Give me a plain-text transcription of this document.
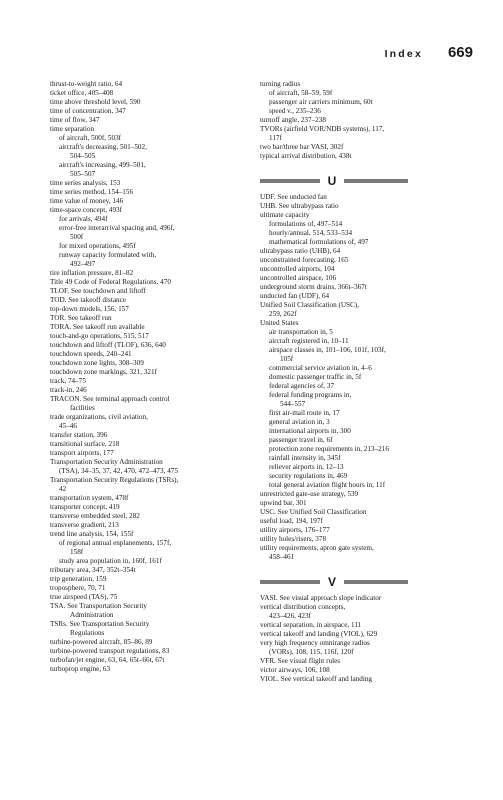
Index 669
thrust-to-weight ratio, 64
ticket office, 405–408
time above threshold level, 590
time of concentration, 347
time of flow, 347
time separation
of aircraft, 500f, 503f
aircraft's decreasing, 501–502,
504–505
aircraft's increasing, 499–501,
505–507
time series analysis, 153
time series method, 154–156
time value of money, 146
time-space concept, 493f
for arrivals, 494f
error-free interarrival spacing and, 496f,
500f
for mixed operations, 495f
runway capacity formulated with,
492–497
tire inflation pressure, 81–82
Title 49 Code of Federal Regulations, 470
TLOF. See touchdown and liftoff
TOD. See takeoff distance
top-down models, 156, 157
TOR. See takeoff run
TORA. See takeoff run available
touch-and-go operations, 515, 517
touchdown and liftoff (TLOF), 636, 640
touchdown speeds, 240–241
touchdown zone lights, 308–309
touchdown zone markings, 321, 321f
track, 74–75
track-in, 246
TRACON. See terminal approach control
facilities
trade organizations, civil aviation,
45–46
transfer station, 396
transitional surface, 218
transport airports, 177
Transportation Security Administration
(TSA), 34–35, 37, 42, 470, 472–473, 475
Transportation Security Regulations (TSRs),
42
transportation system, 478f
transporter concept, 419
transverse embedded steel, 282
transverse gradient, 213
trend line analysis, 154, 155f
of regional annual enplanements, 157f,
158f
study area population in, 160f, 161f
tributary area, 347, 352t–354t
trip generation, 159
troposphere, 70, 71
true airspeed (TAS), 75
TSA. See Transportation Security
Administration
TSRs. See Transportation Security
Regulations
turbine-powered aircraft, 85–86, 89
turbine-powered transport regulations, 83
turbofan/jet engine, 63, 64, 65t–66t, 67t
turboprop engine, 63
turning radius
of aircraft, 58–59, 59f
passenger air carriers minimum, 60t
speed v., 235–236
turnoff angle, 237–238
TVORs (airfield VOR/NDB systems), 117,
117f
two bar/three bar VASI, 302f
typical arrival distribution, 438t
U
UDF. See unducted fan
UHB. See ultrabypass ratio
ultimate capacity
formulations of, 497–514
hourly/annual, 514, 533–534
mathematical formulations of, 497
ultrabypass ratio (UHB), 64
unconstrained forecasting, 165
uncontrolled airports, 104
uncontrolled airspace, 106
underground storm drains, 366t–367t
unducted fan (UDF), 64
Unified Soil Classification (USC),
259, 262f
United States
air transportation in, 5
aircraft registered in, 10–11
airspace classes in, 101–106, 101f, 103f,
105f
commercial service aviation in, 4–6
domestic passenger traffic in, 5f
federal agencies of, 37
federal funding programs in,
544–557
first air-mail route in, 17
general aviation in, 3
international airports in, 300
passenger travel in, 6f
protection zone requirements in, 213–216
rainfall intensity in, 345f
reliever airports in, 12–13
security regulations in, 469
total general aviation flight hours in, 11f
unrestricted gate-use strategy, 539
upwind bar, 301
USC. See Unified Soil Classification
useful load, 194, 197f
utility airports, 176–177
utility holes/risers, 378
utility requirements, apron gate system,
458–461
V
VASI. See visual approach slope indicator
vertical distribution concepts,
423–426, 423f
vertical separation, in airspace, 111
vertical takeoff and landing (VIOL), 629
very high frequency omnirange radios
(VORs), 108, 115, 116f, 120f
VFR. See visual flight rules
victor airways, 106, 108
VIOL. See vertical takeoff and landing
